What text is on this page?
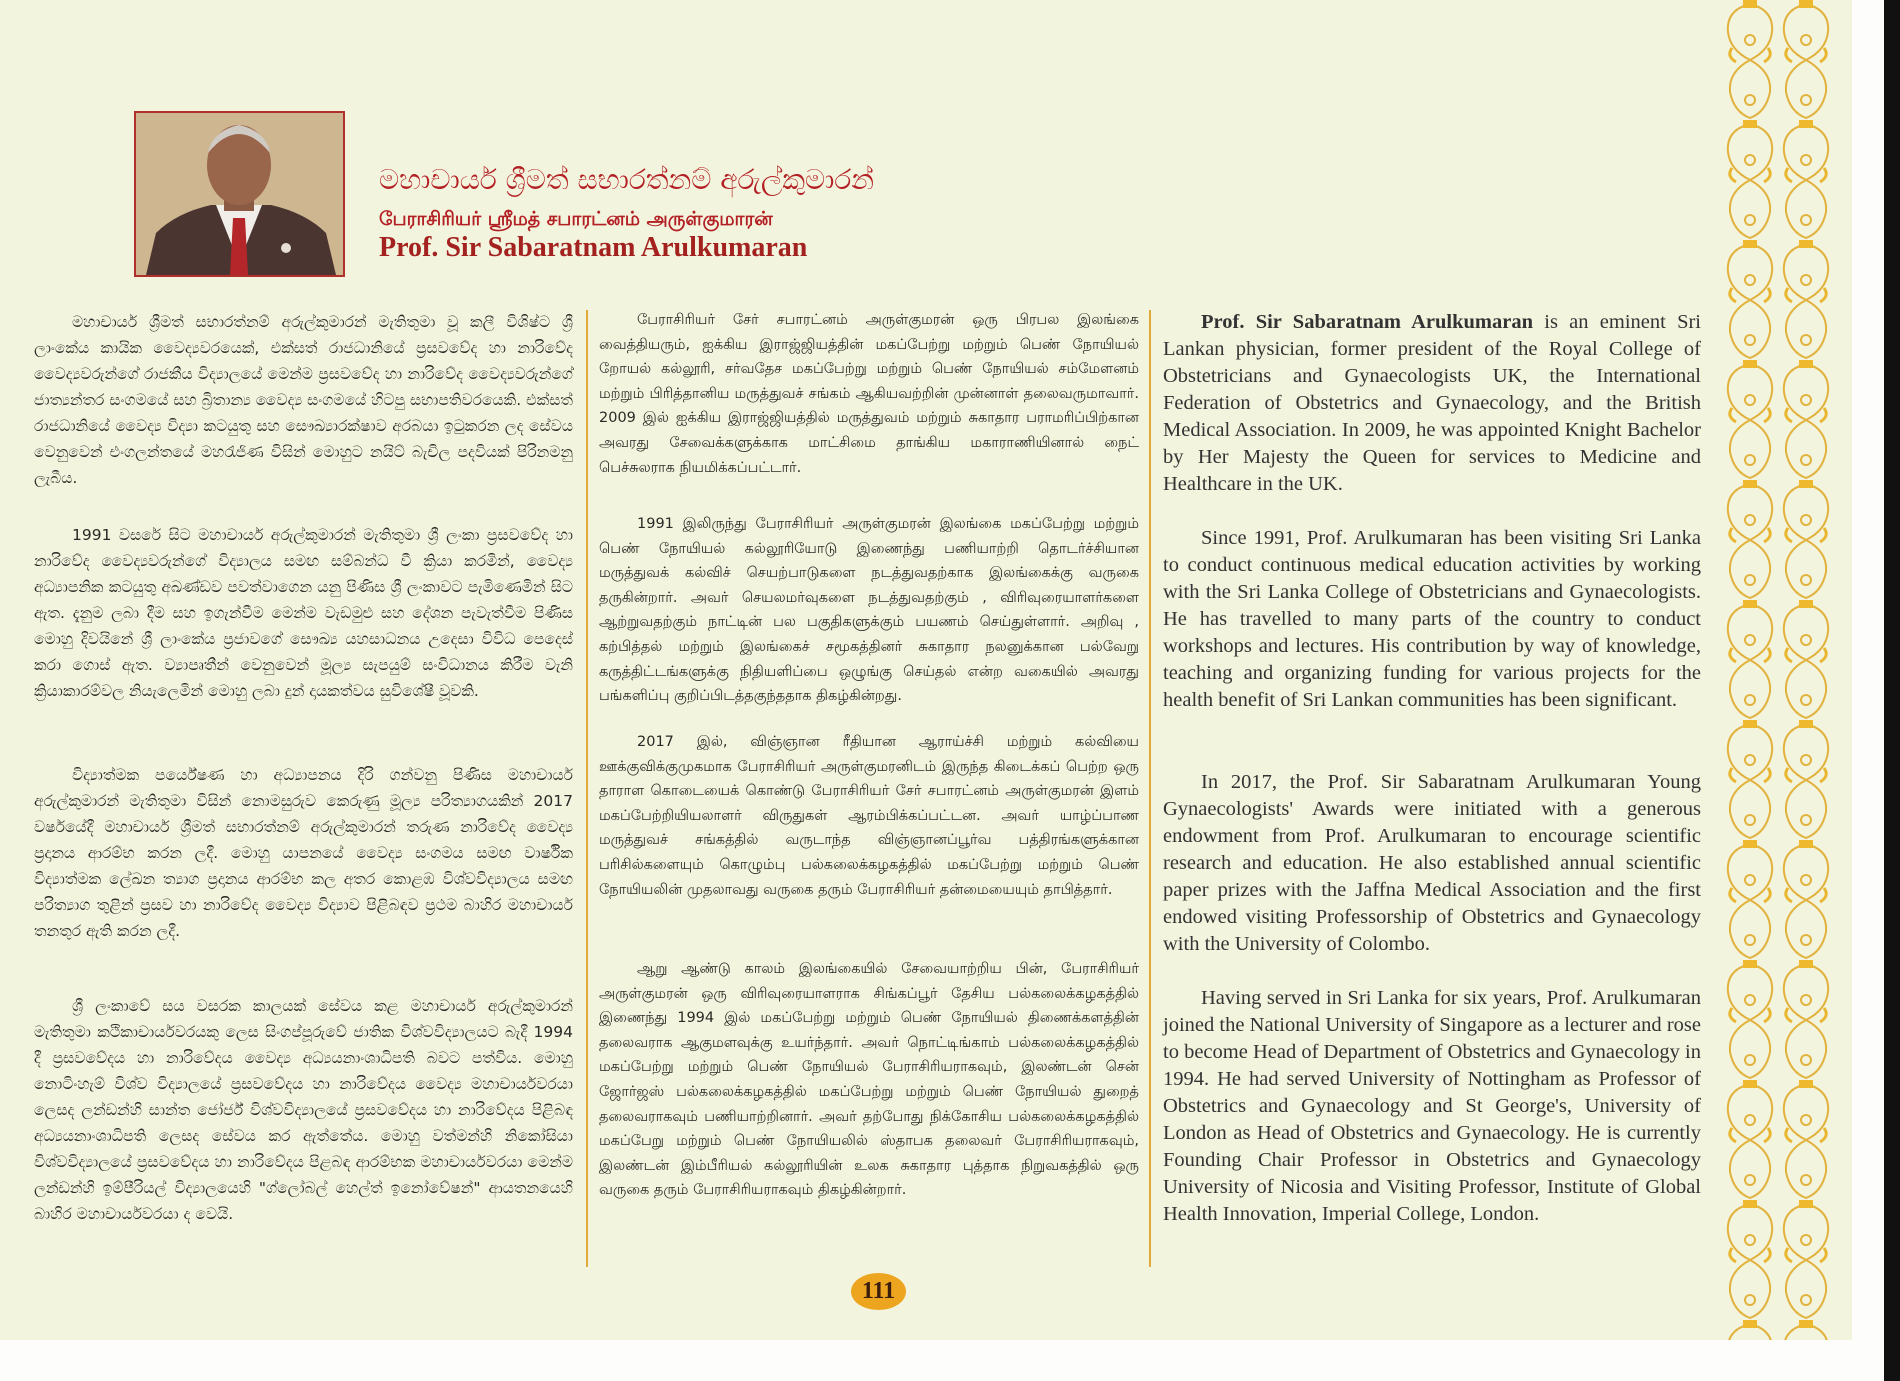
මහාචාර්ය ශ්‍රීමත් සභාරත්නම් අරුල්කුමාරන්
பேராசிரியர் ஸ்ரீமத் சபாரட்னம் அருள்குமாரன்
Prof. Sir Sabaratnam Arulkumaran

මහාචාර්ය ශ්‍රීමත් සභාරත්නම් අරුල්කුමාරන් මැතිතුමා වූ කලී විශිෂ්ට ශ්‍රී ලාංකේය කායික වෛද්‍යවරයෙක්, එක්සත් රාජධානියේ ප්‍රසවවේද හා නාරිවේද වෛද්‍යවරුන්ගේ රාජකීය විද්‍යාලයේ මෙන්ම ප්‍රසවවේද හා නාරිවේද වෛද්‍යවරුන්ගේ ජාත්‍යන්තර සංගමයේ සහ බ්‍රිතාන්‍ය වෛද්‍ය සංගමයේ හිටපු සභාපතිවරයෙකි. එක්සත් රාජධානියේ වෛද්‍ය විද්‍යා කටයුතු සහ සෞඛ්‍යාරක්ෂාව අරබයා ඉටුකරන ලද සේවය වෙනුවෙන් එංගලන්තයේ මහරැජිණ විසින් මොහුට නයිට් බැචිල පදවියක් පිරිනමනු ලැබීය.

1991 වසරේ සිට මහාචාර්ය අරුල්කුමාරන් මැතිතුමා ශ්‍රී ලංකා ප්‍රසවවේද හා නාරිවේද වෛද්‍යවරුන්ගේ විද්‍යාලය සමඟ සම්බන්ධ වී ක්‍රියා කරමින්, වෛද්‍ය අධ්‍යාපනික කටයුතු අඛණ්ඩව පවත්වාගෙන යනු පිණිස ශ්‍රී ලංකාවට පැමිණෙමින් සිට ඇත. දැනුම ලබා දීම සහ ඉගැන්වීම මෙන්ම වැඩමුළු සහ දේශන පැවැත්වීම පිණිස මොහු දිවයිනේ ශ්‍රී ලාංකේය ප්‍රජාවගේ සෞඛ්‍ය යහසාධනය උදෙසා විවිධ පෙදෙස් කරා ගොස් ඇත. ව්‍යාපෘතීන් වෙනුවෙන් මූල්‍ය සැපයුම් සංවිධානය කිරීම වැනි ක්‍රියාකාරම්වල නියැලෙමින් මොහු ලබා දුන් දායකත්වය සුවිශේෂී වූවකි.

විද්‍යාත්මක පර්යේෂණ හා අධ්‍යාපනය දිරි ගන්වනු පිණිස මහාචාර්ය අරුල්කුමාරන් මැතිතුමා විසින් නොමසුරුව කෙරුණු මූල්‍ය පරිත්‍යාගයකින් 2017 වර්ෂයේදී මහාචාර්ය ශ්‍රීමත් සභාරත්නම් අරුල්කුමාරන් තරුණ නාරිවේද වෛද්‍ය ප්‍රදානය ආරම්භ කරන ලදී. මොහු යාපනයේ වෛද්‍ය සංගමය සමඟ වාර්ෂික විද්‍යාත්මක ලේඛන ත්‍යාග ප්‍රදානය ආරම්භ කල අතර කොළඹ විශ්වවිද්‍යාලය සමඟ පරිත්‍යාග තුළින් ප්‍රසව හා නාරිවේද වෛද්‍ය විද්‍යාව පිළිබඳව ප්‍රථම බාහිර මහාචාර්ය තනතුර ඇති කරන ලදී.

ශ්‍රී ලංකාවේ සය වසරක කාලයක් සේවය කළ මහාචාර්ය අරුල්කුමාරන් මැතිතුමා කථිකාචාර්යවරයකු ලෙස සිංගප්පූරුවේ ජාතික විශ්වවිද්‍යාලයට බැදී 1994 දී ප්‍රසවවේදය හා නාරිවේදය වෛද්‍ය අධ්‍යයනාංශාධිපති බවට පත්විය. මොහු නොටිංහැම් විශ්ව විද්‍යාලයේ ප්‍රසවවේදය හා නාරිවේදය වෛද්‍ය මහාචාර්යවරයා ලෙසද ලන්ඩන්හි සාන්ත ජෝර්ජ් විශ්වවිද්‍යාලයේ ප්‍රසවවේදය හා නාරිවේදය පිළිබඳ අධ්‍යයනාංශාධිපති ලෙසද සේවය කර ඇත්තේය. මොහු වත්මන්හි නිකෝසියා විශ්වවිද්‍යාලයේ ප්‍රසවවේදය හා නාරිවේදය පිළබඳ ආරම්භක මහාචාර්යවරයා මෙන්ම ලන්ඩන්හි ඉම්පීරියල් විද්‍යාලයෙහි "ග්ලෝබල් හෙල්ත් ඉනෝවේෂන්" ආයතනයෙහි බාහිර මහාචාර්යවරයා ද වෙයි.

பேராசிரியர் சேர் சபாரட்னம் அருள்குமரன் ஒரு பிரபல இலங்கை வைத்தியரும், ஐக்கிய இராஜ்ஜியத்தின் மகப்பேற்று மற்றும் பெண் நோயியல் றோயல் கல்லூரி, சர்வதேச மகப்பேற்று மற்றும் பெண் நோயியல் சம்மேளனம் மற்றும் பிரித்தானிய மருத்துவச் சங்கம் ஆகியவற்றின் முன்னாள் தலைவருமாவார். 2009 இல் ஐக்கிய இராஜ்ஜியத்தில் மருத்துவம் மற்றும் சுகாதார பராமரிப்பிற்கான அவரது சேவைக்களுக்காக மாட்சிமை தாங்கிய மகாராணியினால் நைட் பெச்சுலராக நியமிக்கப்பட்டார்.

1991 இலிருந்து பேராசிரியர் அருள்குமரன் இலங்கை மகப்பேற்று மற்றும் பெண் நோயியல் கல்லூரியோடு இணைந்து பணியாற்றி தொடர்ச்சியான மருத்துவக் கல்விச் செயற்பாடுகளை நடத்துவதற்காக இலங்கைக்கு வருகை தருகின்றார். அவர் செயலமர்வுகளை நடத்துவதற்கும் , விரிவுரையாளர்களை ஆற்றுவதற்கும் நாட்டின் பல பகுதிகளுக்கும் பயணம் செய்துள்ளார். அறிவு , கற்பித்தல் மற்றும் இலங்கைச் சமூகத்தினர் சுகாதார நலனுக்கான பல்வேறு கருத்திட்டங்களுக்கு நிதியளிப்பை ஒழுங்கு செய்தல் என்ற வகையில் அவரது பங்களிப்பு குறிப்பிடத்தகுந்ததாக திகழ்கின்றது.

2017 இல், விஞ்ஞான ரீதியான ஆராய்ச்சி மற்றும் கல்வியை ஊக்குவிக்குமுகமாக பேராசிரியர் அருள்குமரனிடம் இருந்த கிடைக்கப் பெற்ற ஒரு தாராள கொடையைக் கொண்டு பேராசிரியர் சேர் சபாரட்னம் அருள்குமரன் இளம் மகப்பேற்றியியலாளர் விருதுகள் ஆரம்பிக்கப்பட்டன. அவர் யாழ்ப்பாண மருத்துவச் சங்கத்தில் வருடாந்த விஞ்ஞானப்பூர்வ பத்திரங்களுக்கான பரிசில்களையும் கொழும்பு பல்கலைக்கழகத்தில் மகப்பேற்று மற்றும் பெண் நோயியலின் முதலாவது வருகை தரும் பேராசிரியர் தன்மையையும் தாபித்தார்.

ஆறு ஆண்டு காலம் இலங்கையில் சேவையாற்றிய பின், பேராசிரியர் அருள்குமரன் ஒரு விரிவுரையாளராக சிங்கப்பூர் தேசிய பல்கலைக்கழகத்தில் இணைந்து 1994 இல் மகப்பேற்று மற்றும் பெண் நோயியல் திணைக்களத்தின் தலைவராக ஆகுமளவுக்கு உயர்ந்தார். அவர் நொட்டிங்காம் பல்கலைக்கழகத்தில் மகப்பேற்று மற்றும் பெண் நோயியல் பேராசிரியராகவும், இலண்டன் சென் ஜோர்ஜஸ் பல்கலைக்கழகத்தில் மகப்பேற்று மற்றும் பெண் நோயியல் துறைத் தலைவராகவும் பணியாற்றினார். அவர் தற்போது நிக்கோசிய பல்கலைக்கழகத்தில் மகப்பேறு மற்றும் பெண் நோயியலில் ஸ்தாபக தலைவர் பேராசிரியராகவும், இலண்டன் இம்பீரியல் கல்லூரியின் உலக சுகாதார புத்தாக நிறுவகத்தில் ஒரு வருகை தரும் பேராசிரியராகவும் திகழ்கின்றார்.

Prof. Sir Sabaratnam Arulkumaran is an eminent Sri Lankan physician, former president of the Royal College of Obstetricians and Gynaecologists UK, the International Federation of Obstetrics and Gynaecology, and the British Medical Association. In 2009, he was appointed Knight Bachelor by Her Majesty the Queen for services to Medicine and Healthcare in the UK.

Since 1991, Prof. Arulkumaran has been visiting Sri Lanka to conduct continuous medical education activities by working with the Sri Lanka College of Obstetricians and Gynaecologists. He has travelled to many parts of the country to conduct workshops and lectures. His contribution by way of knowledge, teaching and organizing funding for various projects for the health benefit of Sri Lankan communities has been significant.

In 2017, the Prof. Sir Sabaratnam Arulkumaran Young Gynaecologists' Awards were initiated with a generous endowment from Prof. Arulkumaran to encourage scientific research and education. He also established annual scientific paper prizes with the Jaffna Medical Association and the first endowed visiting Professorship of Obstetrics and Gynaecology with the University of Colombo.

Having served in Sri Lanka for six years, Prof. Arulkumaran joined the National University of Singapore as a lecturer and rose to become Head of Department of Obstetrics and Gynaecology in 1994. He had served University of Nottingham as Professor of Obstetrics and Gynaecology and St George's, University of London as Head of Obstetrics and Gynaecology. He is currently Founding Chair Professor in Obstetrics and Gynaecology University of Nicosia and Visiting Professor, Institute of Global Health Innovation, Imperial College, London.

111
